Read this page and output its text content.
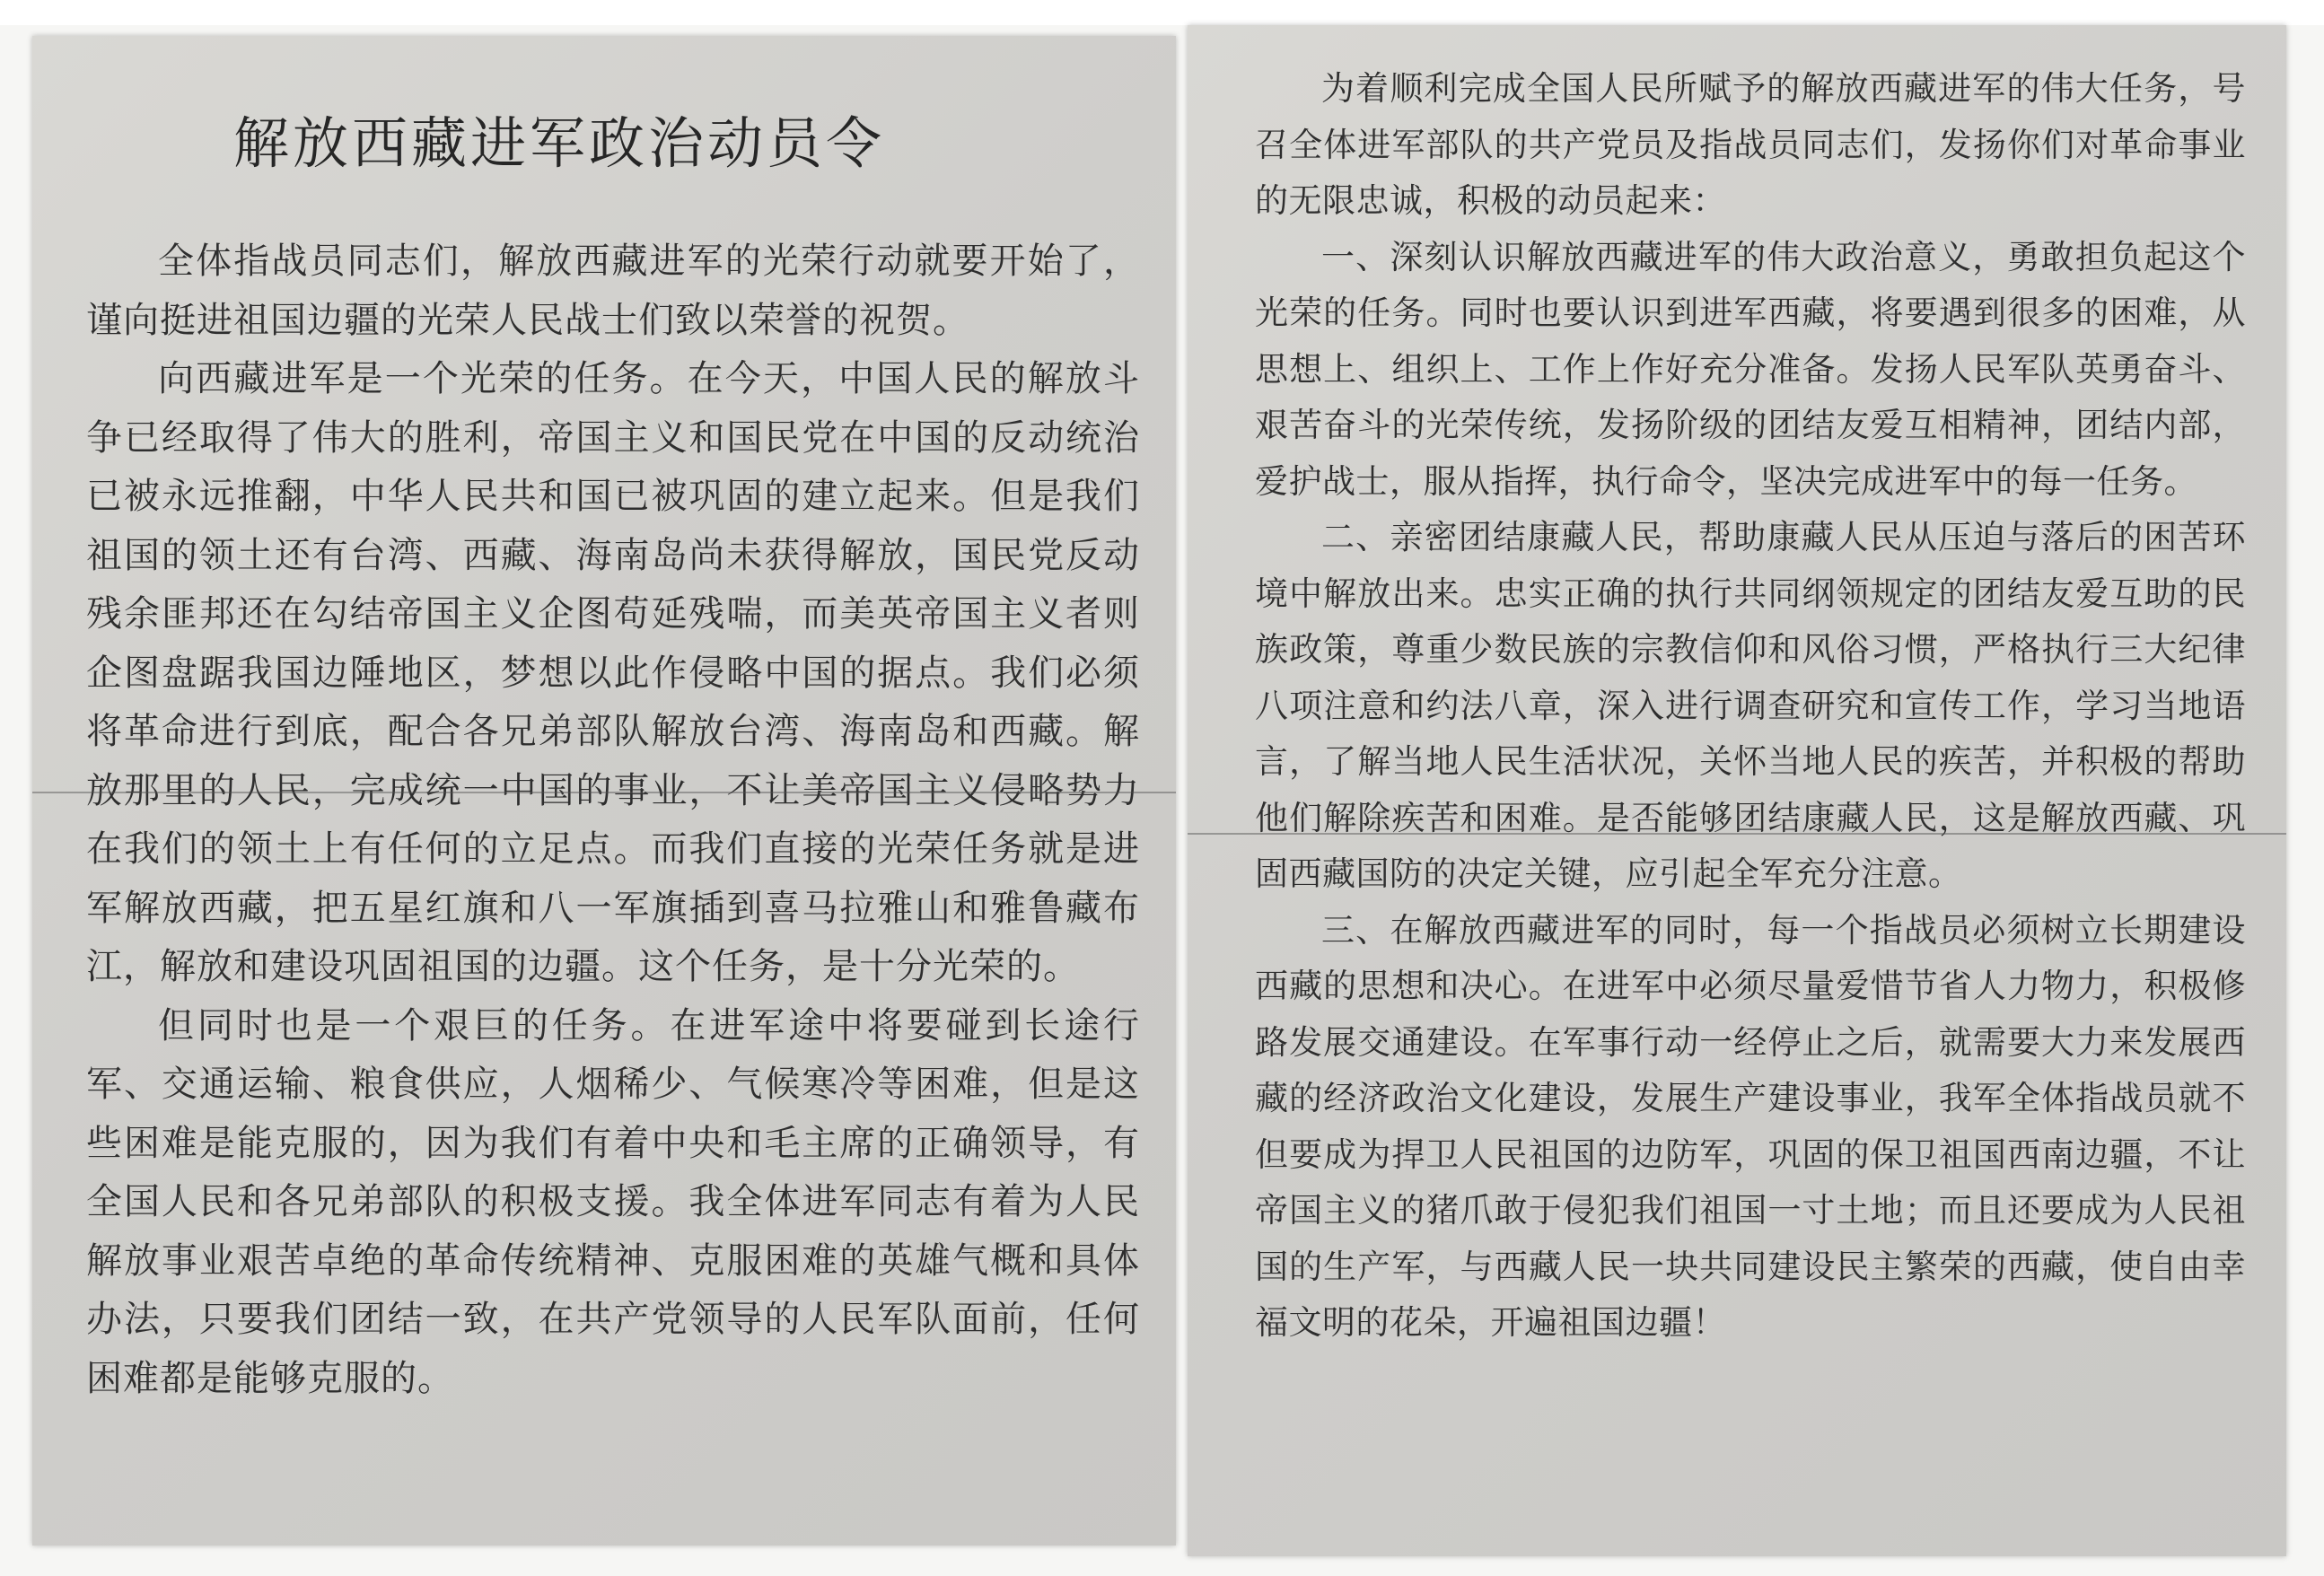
解放西藏进军政治动员令

全体指战员同志们，解放西藏进军的光荣行动就要开始了，谨向挺进祖国边疆的光荣人民战士们致以荣誉的祝贺。

向西藏进军是一个光荣的任务。在今天，中国人民的解放斗争已经取得了伟大的胜利，帝国主义和国民党在中国的反动统治已被永远推翻，中华人民共和国已被巩固的建立起来。但是我们祖国的领土还有台湾、西藏、海南岛尚未获得解放，国民党反动残余匪邦还在勾结帝国主义企图苟延残喘，而美英帝国主义者则企图盘踞我国边陲地区，梦想以此作侵略中国的据点。我们必须将革命进行到底，配合各兄弟部队解放台湾、海南岛和西藏。解放那里的人民，完成统一中国的事业，不让美帝国主义侵略势力在我们的领土上有任何的立足点。而我们直接的光荣任务就是进军解放西藏，把五星红旗和八一军旗插到喜马拉雅山和雅鲁藏布江，解放和建设巩固祖国的边疆。这个任务，是十分光荣的。

但同时也是一个艰巨的任务。在进军途中将要碰到长途行军、交通运输、粮食供应，人烟稀少、气候寒冷等困难，但是这些困难是能克服的，因为我们有着中央和毛主席的正确领导，有全国人民和各兄弟部队的积极支援。我全体进军同志有着为人民解放事业艰苦卓绝的革命传统精神、克服困难的英雄气概和具体办法，只要我们团结一致，在共产党领导的人民军队面前，任何困难都是能够克服的。

为着顺利完成全国人民所赋予的解放西藏进军的伟大任务，号召全体进军部队的共产党员及指战员同志们，发扬你们对革命事业的无限忠诚，积极的动员起来：

一、深刻认识解放西藏进军的伟大政治意义，勇敢担负起这个光荣的任务。同时也要认识到进军西藏，将要遇到很多的困难，从思想上、组织上、工作上作好充分准备。发扬人民军队英勇奋斗、艰苦奋斗的光荣传统，发扬阶级的团结友爱互相精神，团结内部，爱护战士，服从指挥，执行命令，坚决完成进军中的每一任务。

二、亲密团结康藏人民，帮助康藏人民从压迫与落后的困苦环境中解放出来。忠实正确的执行共同纲领规定的团结友爱互助的民族政策，尊重少数民族的宗教信仰和风俗习惯，严格执行三大纪律八项注意和约法八章，深入进行调查研究和宣传工作，学习当地语言，了解当地人民生活状况，关怀当地人民的疾苦，并积极的帮助他们解除疾苦和困难。是否能够团结康藏人民，这是解放西藏、巩固西藏国防的决定关键，应引起全军充分注意。

三、在解放西藏进军的同时，每一个指战员必须树立长期建设西藏的思想和决心。在进军中必须尽量爱惜节省人力物力，积极修路发展交通建设。在军事行动一经停止之后，就需要大力来发展西藏的经济政治文化建设，发展生产建设事业，我军全体指战员就不但要成为捍卫人民祖国的边防军，巩固的保卫祖国西南边疆，不让帝国主义的猪爪敢于侵犯我们祖国一寸土地；而且还要成为人民祖国的生产军，与西藏人民一块共同建设民主繁荣的西藏，使自由幸福文明的花朵，开遍祖国边疆！
